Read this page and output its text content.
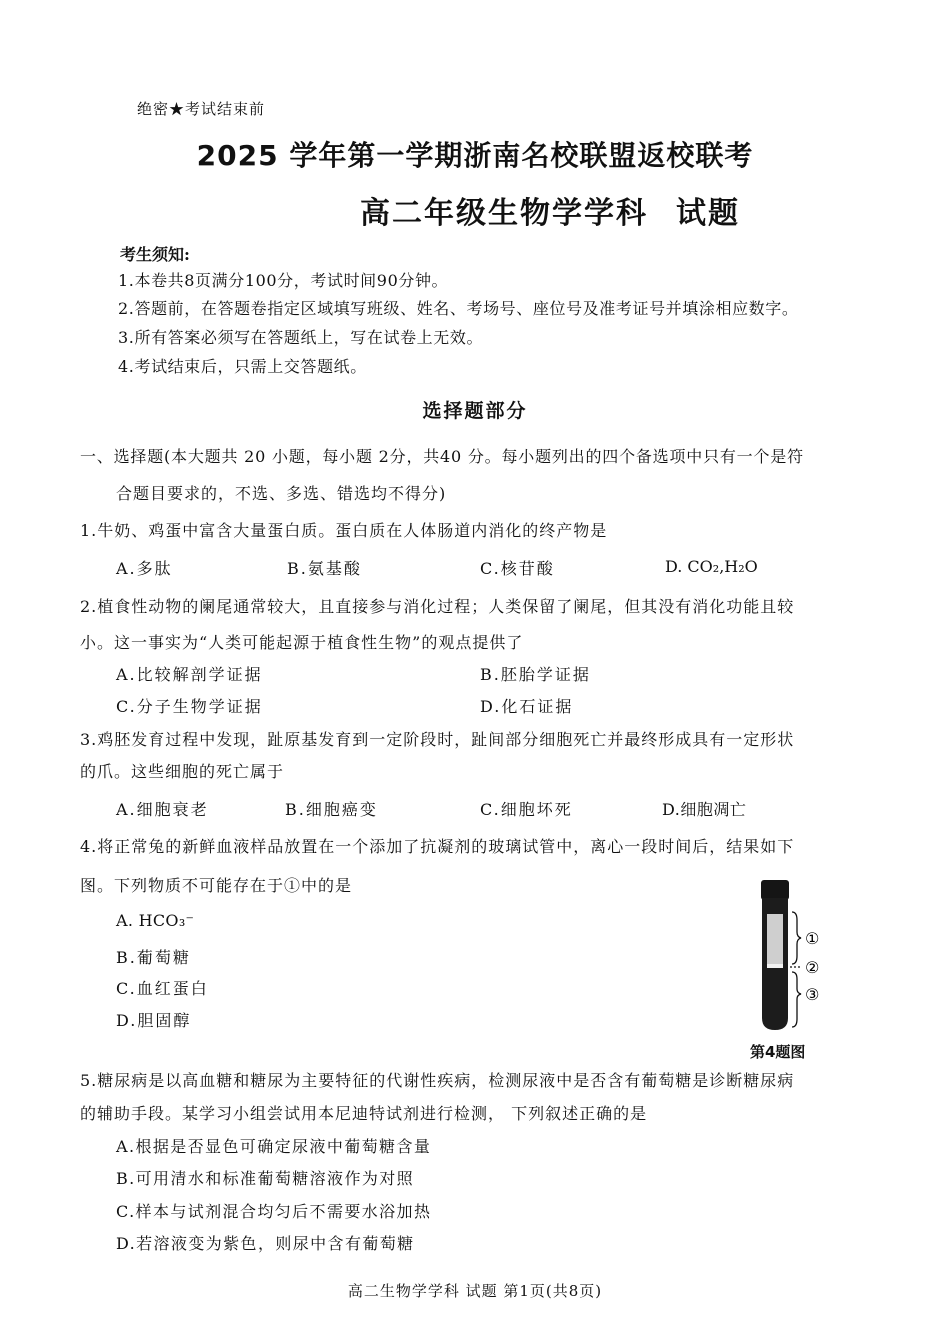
绝密★考试结束前
2025 学年第一学期浙南名校联盟返校联考
高二年级生物学学科 试题
考生须知:
1.本卷共8页满分100分，考试时间90分钟。
2.答题前，在答题卷指定区域填写班级、姓名、考场号、座位号及准考证号并填涂相应数字。
3.所有答案必须写在答题纸上，写在试卷上无效。
4.考试结束后，只需上交答题纸。
选择题部分
一、选择题(本大题共 20 小题，每小题 2分，共40 分。每小题列出的四个备选项中只有一个是符
合题目要求的，不选、多选、错选均不得分)
1.牛奶、鸡蛋中富含大量蛋白质。蛋白质在人体肠道内消化的终产物是
A.多肽	B.氨基酸	C.核苷酸	D. CO₂,H₂O
2.植食性动物的阑尾通常较大，且直接参与消化过程；人类保留了阑尾，但其没有消化功能且较
小。这一事实为“人类可能起源于植食性生物”的观点提供了
A.比较解剖学证据	B.胚胎学证据
C.分子生物学证据	D.化石证据
3.鸡胚发育过程中发现，趾原基发育到一定阶段时，趾间部分细胞死亡并最终形成具有一定形状
的爪。这些细胞的死亡属于
A.细胞衰老	B.细胞癌变	C.细胞坏死	D.细胞凋亡
4.将正常兔的新鲜血液样品放置在一个添加了抗凝剂的玻璃试管中，离心一段时间后，结果如下
图。下列物质不可能存在于①中的是
A. HCO₃⁻
B.葡萄糖
C.血红蛋白
D.胆固醇
①
②
③
第4题图
5.糖尿病是以高血糖和糖尿为主要特征的代谢性疾病，检测尿液中是否含有葡萄糖是诊断糖尿病
的辅助手段。某学习小组尝试用本尼迪特试剂进行检测， 下列叙述正确的是
A.根据是否显色可确定尿液中葡萄糖含量
B.可用清水和标准葡萄糖溶液作为对照
C.样本与试剂混合均匀后不需要水浴加热
D.若溶液变为紫色，则尿中含有葡萄糖
高二生物学学科 试题 第1页(共8页)
